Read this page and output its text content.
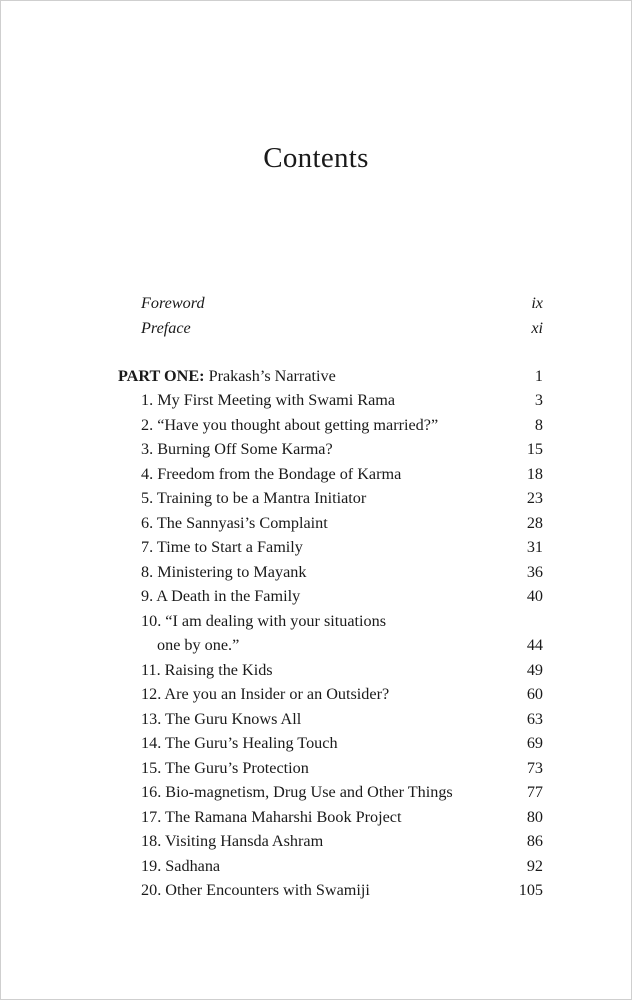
Contents
Foreword	ix
Preface	xi
PART ONE: Prakash’s Narrative	1
1. My First Meeting with Swami Rama	3
2. “Have you thought about getting married?”	8
3. Burning Off Some Karma?	15
4. Freedom from the Bondage of Karma	18
5. Training to be a Mantra Initiator	23
6. The Sannyasi’s Complaint	28
7. Time to Start a Family	31
8. Ministering to Mayank	36
9. A Death in the Family	40
10. “I am dealing with your situations
one by one.”	44
11. Raising the Kids	49
12. Are you an Insider or an Outsider?	60
13. The Guru Knows All	63
14. The Guru’s Healing Touch	69
15. The Guru’s Protection	73
16. Bio-magnetism, Drug Use and Other Things	77
17. The Ramana Maharshi Book Project	80
18. Visiting Hansda Ashram	86
19. Sadhana	92
20. Other Encounters with Swamiji	105
